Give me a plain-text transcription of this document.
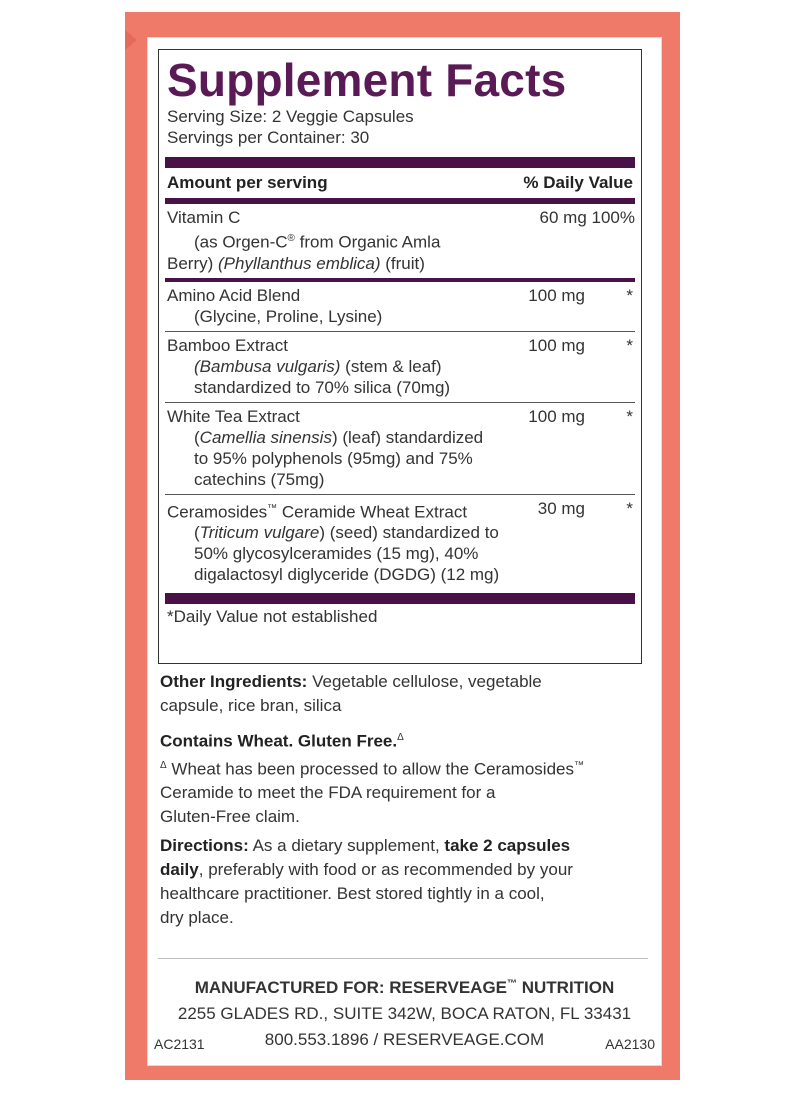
Supplement Facts
Serving Size: 2 Veggie Capsules
Servings per Container: 30
Amount per serving	% Daily Value
Vitamin C	60 mg 100%
(as Orgen-C® from Organic Amla
Berry) (Phyllanthus emblica) (fruit)
Amino Acid Blend	100 mg *
(Glycine, Proline, Lysine)
Bamboo Extract	100 mg *
(Bambusa vulgaris) (stem & leaf)
standardized to 70% silica (70mg)
White Tea Extract	100 mg *
(Camellia sinensis) (leaf) standardized
to 95% polyphenols (95mg) and 75%
catechins (75mg)
Ceramosides™ Ceramide Wheat Extract	30 mg *
(Triticum vulgare) (seed) standardized to
50% glycosylceramides (15 mg), 40%
digalactosyl diglyceride (DGDG) (12 mg)
*Daily Value not established
Other Ingredients: Vegetable cellulose, vegetable
capsule, rice bran, silica
Contains Wheat. Gluten Free.$^\Delta$
$^\Delta$ Wheat has been processed to allow the Ceramosides™
Ceramide to meet the FDA requirement for a
Gluten-Free claim.
Directions: As a dietary supplement, take 2 capsules
daily, preferably with food or as recommended by your
healthcare practitioner. Best stored tightly in a cool,
dry place.
MANUFACTURED FOR: RESERVEAGE™ NUTRITION
2255 GLADES RD., SUITE 342W, BOCA RATON, FL 33431
800.553.1896 / RESERVEAGE.COM
AC2131	AA2130
